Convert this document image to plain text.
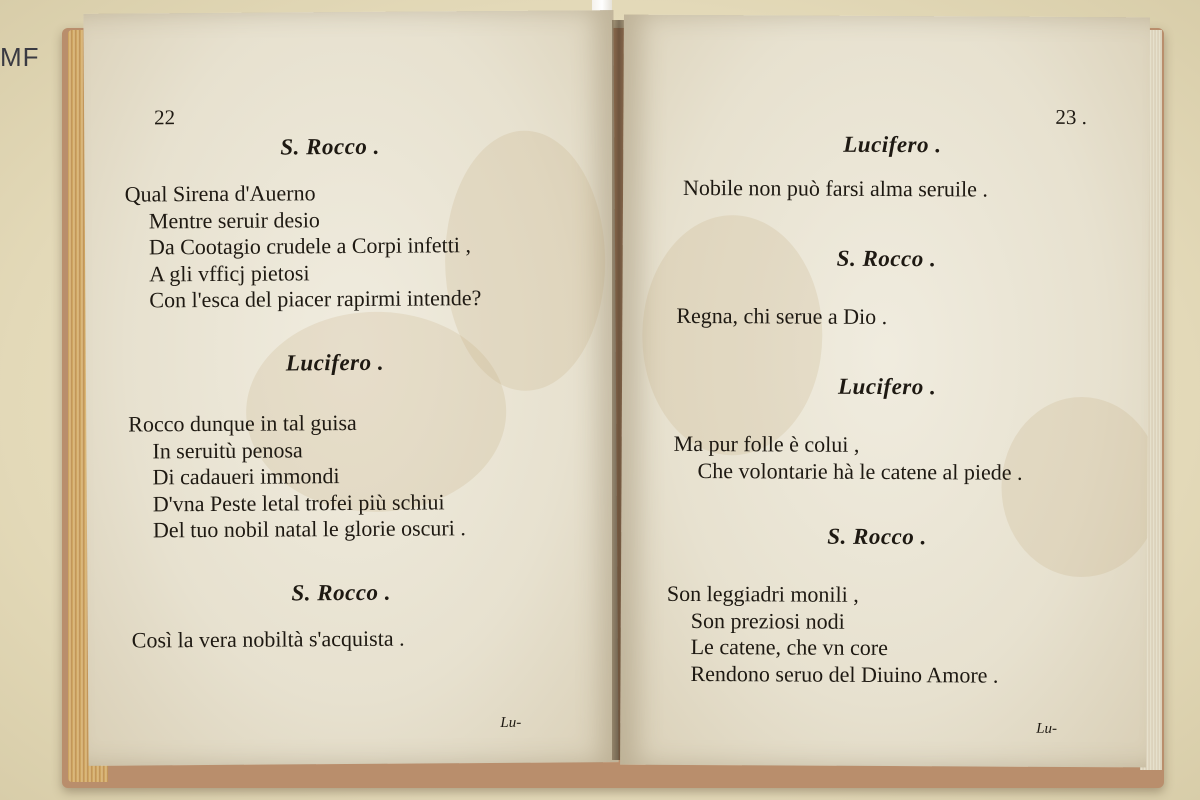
MF
22
S. Rocco .
Qual Sirena d'Auerno
Mentre seruir desio
Da Cootagio crudele a Corpi infetti ,
A gli vfficj pietosi
Con l'esca del piacer rapirmi intende?
Lucifero .
Rocco dunque in tal guisa
In seruitù penosa
Di cadaueri immondi
D'vna Peste letal trofei più schiui
Del tuo nobil natal le glorie oscuri .
S. Rocco .
Così la vera nobiltà s'acquista .
Lu-
23 .
Lucifero .
Nobile non può farsi alma seruile .
S. Rocco .
Regna, chi serue a Dio .
Lucifero .
Ma pur folle è colui ,
Che volontarie hà le catene al piede .
S. Rocco .
Son leggiadri monili ,
Son preziosi nodi
Le catene, che vn core
Rendono seruo del Diuino Amore .
Lu-
